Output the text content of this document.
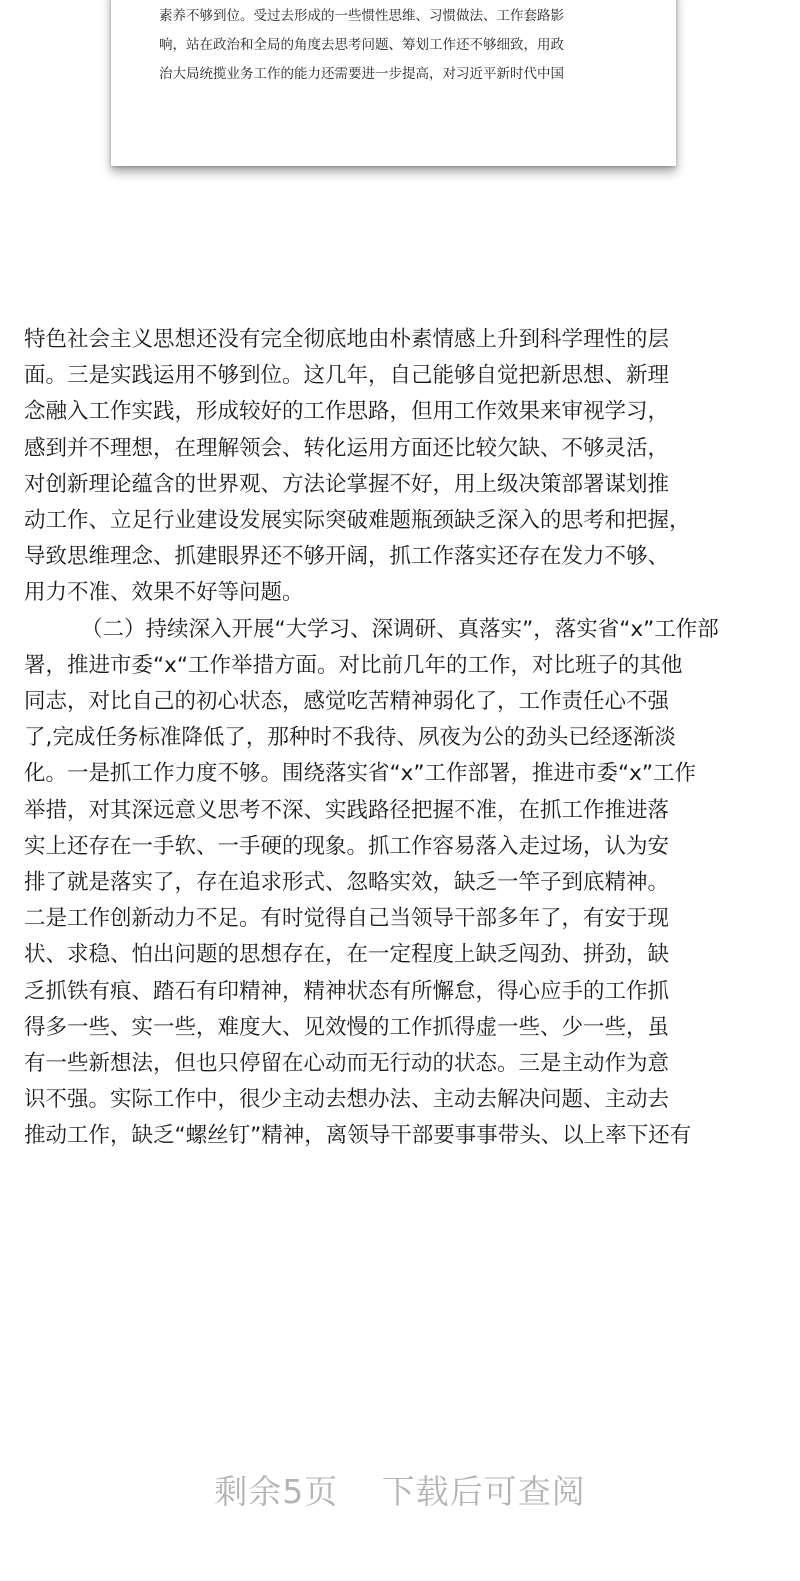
素养不够到位。受过去形成的一些惯性思维、习惯做法、工作套路影

响，站在政治和全局的角度去思考问题、筹划工作还不够细致，用政

治大局统揽业务工作的能力还需要进一步提高，对习近平新时代中国

特色社会主义思想还没有完全彻底地由朴素情感上升到科学理性的层
面。三是实践运用不够到位。这几年，自己能够自觉把新思想、新理
念融入工作实践，形成较好的工作思路，但用工作效果来审视学习，
感到并不理想，在理解领会、转化运用方面还比较欠缺、不够灵活，
对创新理论蕴含的世界观、方法论掌握不好，用上级决策部署谋划推
动工作、立足行业建设发展实际突破难题瓶颈缺乏深入的思考和把握，
导致思维理念、抓建眼界还不够开阔，抓工作落实还存在发力不够、
用力不准、效果不好等问题。
（二）持续深入开展“大学习、深调研、真落实”，落实省“x”工作部
署，推进市委“x“工作举措方面。对比前几年的工作，对比班子的其他
同志，对比自己的初心状态，感觉吃苦精神弱化了，工作责任心不强
了,完成任务标准降低了，那种时不我待、夙夜为公的劲头已经逐渐淡
化。一是抓工作力度不够。围绕落实省“x”工作部署，推进市委“x”工作
举措，对其深远意义思考不深、实践路径把握不准，在抓工作推进落
实上还存在一手软、一手硬的现象。抓工作容易落入走过场，认为安
排了就是落实了，存在追求形式、忽略实效，缺乏一竿子到底精神。
二是工作创新动力不足。有时觉得自己当领导干部多年了，有安于现
状、求稳、怕出问题的思想存在，在一定程度上缺乏闯劲、拼劲，缺
乏抓铁有痕、踏石有印精神，精神状态有所懈怠，得心应手的工作抓
得多一些、实一些，难度大、见效慢的工作抓得虚一些、少一些，虽
有一些新想法，但也只停留在心动而无行动的状态。三是主动作为意
识不强。实际工作中，很少主动去想办法、主动去解决问题、主动去
推动工作，缺乏“螺丝钉”精神，离领导干部要事事带头、以上率下还有
剩余5页 下载后可查阅
